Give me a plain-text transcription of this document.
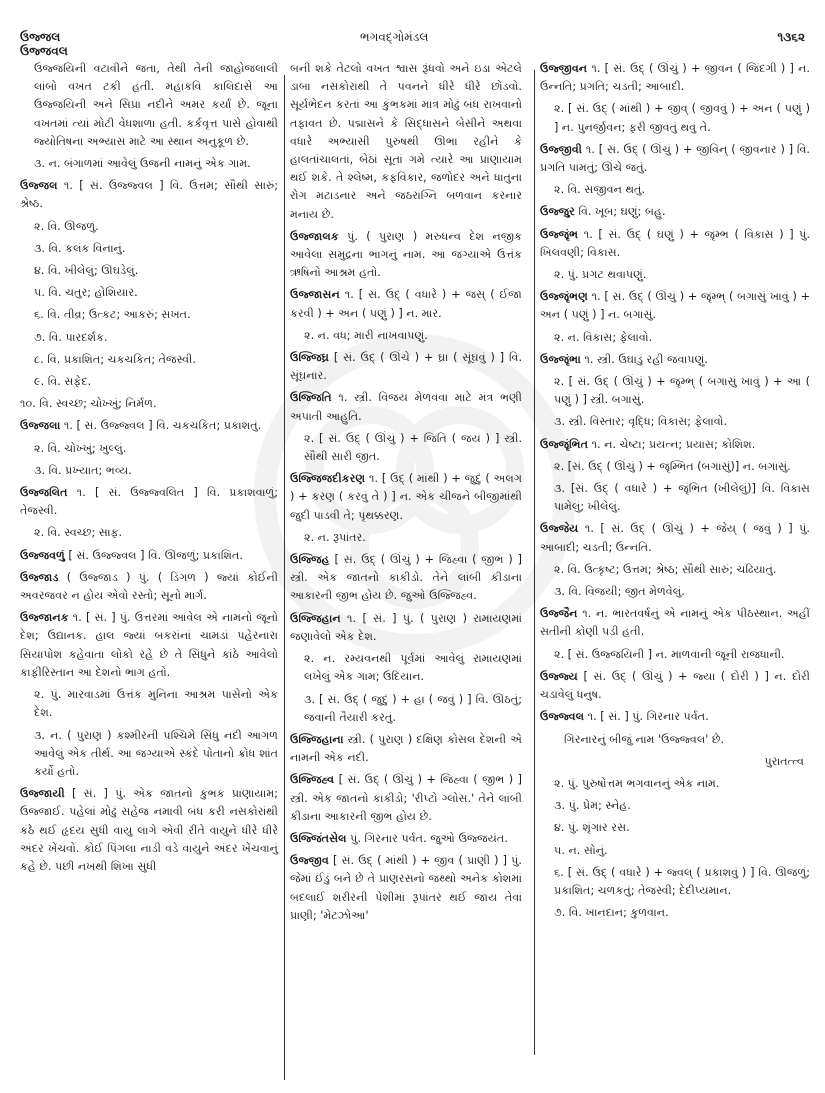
ઉજ્જલ	ભગવદ્ગોમંડલ	૧૩૬૨
ઉજ્જવલ
ઉજ્જયિની વટાવીને જતા, તેથી તેની જાહોજલાલી લાંબો વખત ટકી હતી. મહાકવિ કાલિદાસે આ ઉજ્જયિની અને સિપ્રા નદીને અમર કર્યાં છે. જૂના વખતમાં ત્યાં મોટી વેધશાળા હતી. કર્કવૃત્ત પાસે હોવાથી જ્યોતિષના અભ્યાસ માટે આ સ્થાન અનુકૂળ છે.
૩. ન. બંગાળમાં આવેલું ઉજની નામનું એક ગામ.
ઉજ્જલ ૧. [ સં. ઉજ્જ્વલ ] વિ. ઉત્તમ; સૌથી સારું; શ્રેષ્ઠ.
૨. વિ. ઊજળું.
૩. વિ. કલંક વિનાનું.
૪. વિ. ખીલેલું; ઊઘડેલું.
૫. વિ. ચતુર; હોશિયાર.
૬. વિ. તીવ્ર; ઉત્કટ; આકરું; સખત.
૭. વિ. પારદર્શક.
૮. વિ. પ્રકાશિત; ચકચકિત; તેજસ્વી.
૯. વિ. સફેદ.
૧૦. વિ. સ્વચ્છ; ચોખ્ખું; નિર્મળ.
ઉજ્જલા ૧. [ સં. ઉજ્જ્વલ ] વિ. ચકચકિત; પ્રકાશતું.
૨. વિ. ચોખ્ખું; ખુલ્લું.
૩. વિ. પ્રખ્યાત; ભવ્ય.
ઉજ્જલિત ૧. [ સં. ઉજ્જ્વલિત ] વિ. પ્રકાશવાળું; તેજસ્વી.
૨. વિ. સ્વચ્છ; સાફ.
ઉજ્જવળું [ સં. ઉજ્જ્વલ ] વિ. ઊજળું; પ્રકાશિત.
ઉજ્જાડ ( ઉજ્જાડ ) પું. ( ડિંગળ ) જ્યાં કોઈની અવરજવર ન હોય એવો રસ્તો; સૂનો માર્ગ.
ઉજ્જાનક ૧. [ સં. ] પું. ઉત્તરમાં આવેલ એ નામનો જૂનો દેશ; ઉદ્યાનક. હાલ જ્યાં બકરાંનાં ચામડાં પહેરનારા સિયાપોશ કહેવાતા લોકો રહે છે તે સિંધુને કાંઠે આવેલો કાફીરિસ્તાન આ દેશનો ભાગ હતો.
૨. પું. મારવાડમાં ઉત્તંક મુનિના આશ્રમ પાસેનો એક દેશ.
૩. ન. ( પુરાણ ) કશ્મીરની પશ્ચિમે સિંધુ નદી આગળ આવેલું એક તીર્થ. આ જગ્યાએ સ્કંદે પોતાનો ક્રોધ શાંત કર્યો હતો.
ઉજ્જાયી [ સં. ] પું. એક જાતનો કુંભક પ્રાણાયામ; ઉજ્જાઈ. પહેલાં મોઢું સહેજ નમાવી બંધ કરી નસકોરાંથી કંઠે થઈ હૃદય સુધી વાયુ લાગે એવી રીતે વાયુને ધીરે ધીરે અંદર ખેંચવો. કોઈ પિંગલા નાડી વડે વાયુને અંદર ખેંચવાનું કહે છે. પછી નખથી શિખા સુધી
બની શકે તેટલો વખત શ્વાસ રૂંધવો અને ઇડા એટલે ડાબા નસકોરાથી તે પવનને ધીરે ધીરે છોડવો. સૂર્યભેદન કરતાં આ કુંભકમાં માત્ર મોઢું બંધ રાખવાનો તફાવત છે. પદ્માસને કે સિદ્ધાસને બેસીને અથવા વધારે અભ્યાસી પુરુષથી ઊભા રહીને કે હાલતાંચાલતાં, બેઠાં સૂતાં ગમે ત્યારે આ પ્રાણાયામ થઈ શકે. તે શ્લેષ્મ, કફવિકાર, જળોદર અને ધાતુના રોગ મટાડનાર અને જઠરાગ્નિ બળવાન કરનાર મનાય છે.
ઉજ્જાલક પું. ( પુરાણ ) મરુધન્વ દેશ નજીક આવેલા સમુદ્રના ભાગનું નામ. આ જગ્યાએ ઉત્તંક ઋષિનો આશ્રમ હતો.
ઉજ્જાસન ૧. [ સં. ઉદ્ ( વધારે ) + જસ્ ( ઈજા કરવી ) + અન ( પણું ) ] ન. માર.
૨. ન. વધ; મારી નાખવાપણું.
ઉજ્જિઘ્ર [ સં. ઉદ્ ( ઊંચે ) + ઘ્રા ( સૂંઘવું ) ] વિ. સૂંઘનાર.
ઉજ્જિતિ ૧. સ્ત્રી. વિજય મેળવવા માટે મંત્ર ભણી અપાતી આહુતિ.
૨. [ સં. ઉદ્ ( ઊંચું ) + જિતિ ( જય ) ] સ્ત્રી. સૌથી સારી જીત.
ઉજ્જિજદીકરણ ૧. [ ઉદ્ ( માંથી ) + જુદું ( અલગ ) + કરણ ( કરવું તે ) ] ન. એક ચીજને બીજીમાંથી જુદી પાડવી તે; પૃથક્કરણ.
૨. ન. રૂપાંતર.
ઉજ્જિહ [ સં. ઉદ્ ( ઊંચું ) + જિહ્વા ( જીભ ) ] સ્ત્રી. એક જાતનો કાકીડો. તેને લાંબી કીડાના આકારની જીભ હોય છે. જુઓ ઉજ્જિહ્વ.
ઉજ્જિહાન ૧. [ સં. ] પું. ( પુરાણ ) રામાયણમાં જણાવેલો એક દેશ.
૨. ન. રમ્યવનથી પૂર્વમાં આવેલું રામાયણમાં લખેલું એક ગામ; ઉદિયાન.
૩. [ સં. ઉદ્ ( જુદું ) + હા ( જવું ) ] વિ. ઊઠતું; જવાની તૈયારી કરતું.
ઉજ્જિહાના સ્ત્રી. ( પુરાણ ) દક્ષિણ કોસલ દેશની એ નામની એક નદી.
ઉજ્જિહ્વ [ સં. ઉદ્ ( ઊંચું ) + જિહ્વા ( જીભ ) ] સ્ત્રી. એક જાતનો કાકીડો; 'રીપ્ટો ગ્લોસ.' તેને લાંબી કીડાના આકારની જીભ હોય છે.
ઉજ્જિંતસેલ પું. ગિરનાર પર્વત. જુઓ ઉજ્જયંત.
ઉજ્જીવ [ સં. ઉદ્ ( માંથી ) + જીવ ( પ્રાણી ) ] પું. જેમાં ઈંડું બને છે તે પ્રાણરસનો જથ્થો અનેક કોશમાં બદલાઈ શરીરની પેશીમાં રૂપાંતર થઈ જાય તેવાં પ્રાણી; 'મેટઝોઆ'
ઉજ્જીવન ૧. [ સં. ઉદ્ ( ઊંચું ) + જીવન ( જિંદગી ) ] ન. ઉન્નતિ; પ્રગતિ; ચડતી; આબાદી.
૨. [ સં. ઉદ્ ( માંથી ) + જીવ્ ( જીવવું ) + અન ( પણું ) ] ન. પુનર્જીવન; ફરી જીવતું થવું તે.
ઉજ્જીવી ૧. [ સં. ઉદ્ ( ઊંચું ) + જીવિન્ ( જીવનાર ) ] વિ. પ્રગતિ પામતું; ઊંચે જતું.
૨. વિ. સજીવન થતું.
ઉજ્જુર વિ. ખૂબ; ઘણું; બહુ.
ઉજ્જૃંભ ૧. [ સં. ઉદ્ ( ઘણું ) + જૃમ્ભ ( વિકાસ ) ] પું. ખિલવણી; વિકાસ.
૨. પું. પ્રગટ થવાપણું.
ઉજ્જૃંભણ ૧. [ સં. ઉદ્ ( ઊંચું ) + જૃમ્ભ્ ( બગાસું ખાવું ) + અન ( પણું ) ] ન. બગાસું.
૨. ન. વિકાસ; ફેલાવો.
ઉજ્જૃંભા ૧. સ્ત્રી. ઉઘાડું રહી જવાપણું.
૨. [ સં. ઉદ્ ( ઊંચું ) + જૃમ્ભ્ ( બગાસું ખાવું ) + આ ( પણું ) ] સ્ત્રી. બગાસું.
૩. સ્ત્રી. વિસ્તાર; વૃદ્ધિ; વિકાસ; ફેલાવો.
ઉજ્જૃંભિત ૧. ન. ચેષ્ટા; પ્રયત્ન; પ્રયાસ; કોશિશ.
૨. [સં. ઉદ્ ( ઊંચું ) + જૃમ્ભિત (બગાસું)] ન. બગાસું.
૩. [સં. ઉદ્ ( વધારે ) + જૃંભિત (ખીલેલું)] વિ. વિકાસ પામેલું; ખીલેલું.
ઉજ્જેય ૧. [ સં. ઉદ્ ( ઊંચું ) + જેય્ ( જવું ) ] પું. આબાદી; ચડતી; ઉન્નતિ.
૨. વિ. ઉત્કૃષ્ટ; ઉત્તમ; શ્રેષ્ઠ; સૌથી સારું; ચઢિયાતું.
૩. વિ. વિજયી; જીત મેળવેલું.
ઉજ્જૈન ૧. ન. ભારતવર્ષનું એ નામનું એક પીઠસ્થાન. અહીં સતીની કોણી પડી હતી.
૨. [ સં. ઉજ્જયિની ] ન. માળવાની જૂની રાજધાની.
ઉજ્જ્ય [ સં. ઉદ્ ( ઊંચું ) + જ્યા ( દોરી ) ] ન. દોરી ચડાવેલું ધનુષ.
ઉજ્જ્વલ ૧. [ સં. ] પું. ગિરનાર પર્વત.
ગિરનારનું બીજું નામ 'ઉજ્જ્વલ' છે.
પુરાતત્ત્વ
૨. પું. પુરુષોત્તમ ભગવાનનું એક નામ.
૩. પું. પ્રેમ; સ્નેહ.
૪. પું. શૃંગાર રસ.
૫. ન. સોનું.
૬. [ સં. ઉદ્ ( વધારે ) + જ્વલ્ ( પ્રકાશવું ) ] વિ. ઊજળું; પ્રકાશિત; ચળકતું; તેજસ્વી; દેદીપ્યમાન.
૭. વિ. ખાનદાન; કુળવાન.
